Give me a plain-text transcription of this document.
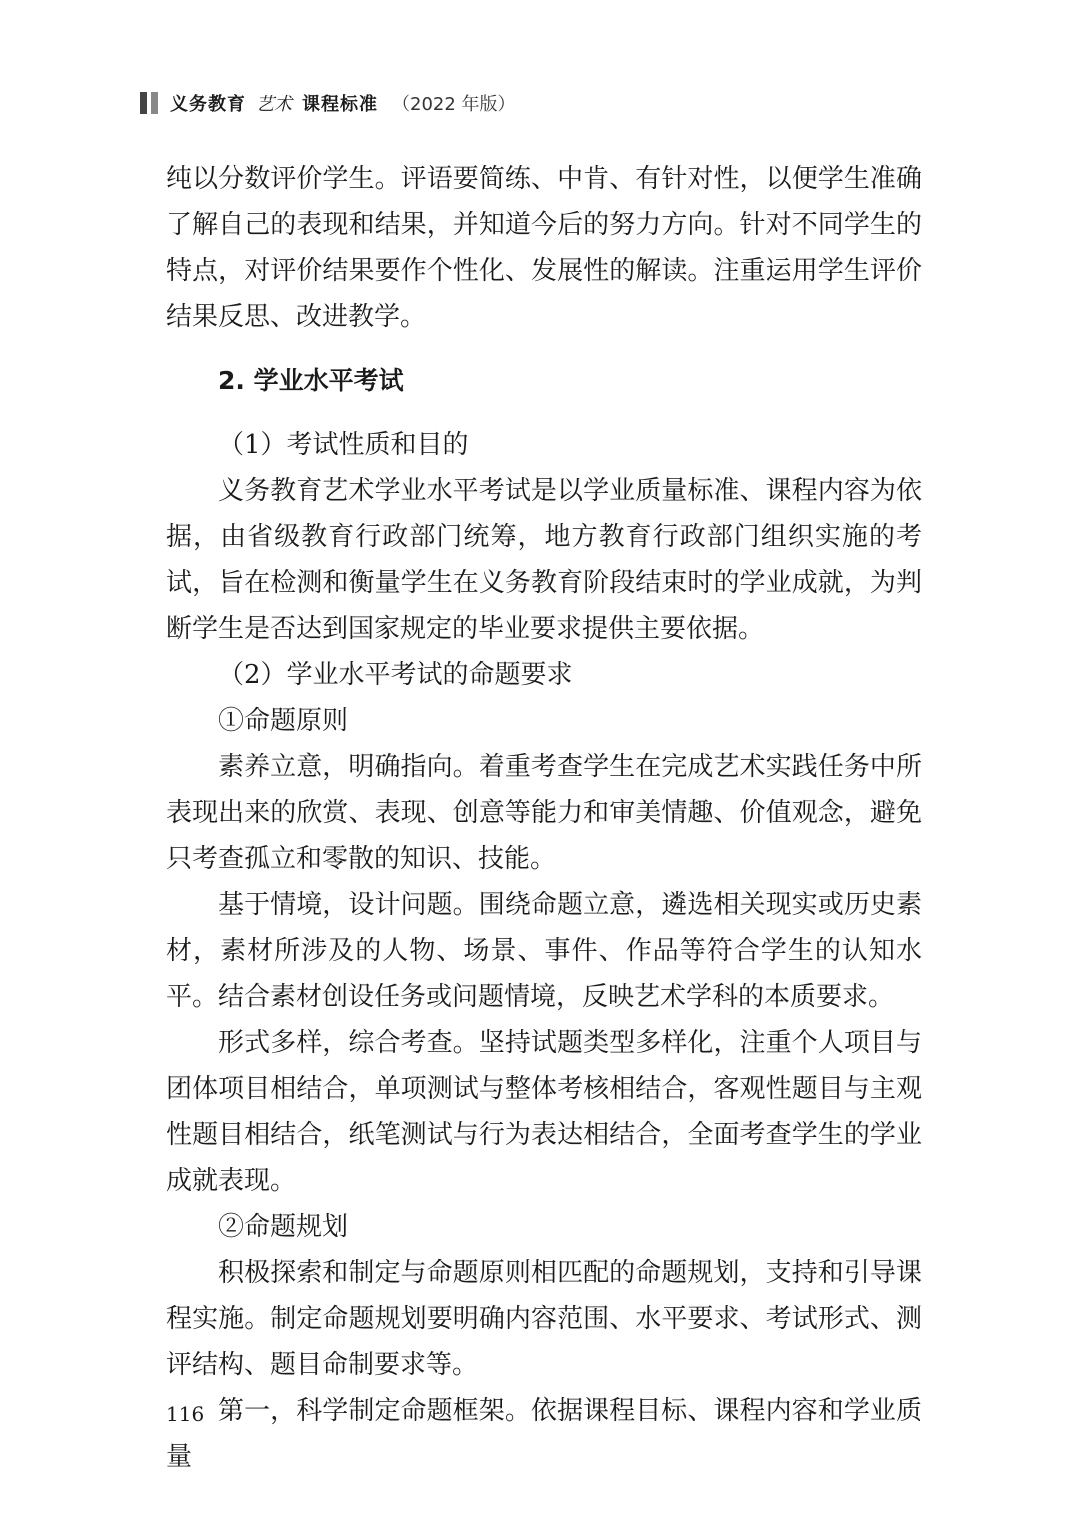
义务教育 艺术 课程标准 （2022 年版）

纯以分数评价学生。评语要简练、中肯、有针对性，以便学生准确了解自己的表现和结果，并知道今后的努力方向。针对不同学生的特点，对评价结果要作个性化、发展性的解读。注重运用学生评价结果反思、改进教学。

2. 学业水平考试

（1）考试性质和目的

义务教育艺术学业水平考试是以学业质量标准、课程内容为依据，由省级教育行政部门统筹，地方教育行政部门组织实施的考试，旨在检测和衡量学生在义务教育阶段结束时的学业成就，为判断学生是否达到国家规定的毕业要求提供主要依据。

（2）学业水平考试的命题要求

①命题原则

素养立意，明确指向。着重考查学生在完成艺术实践任务中所表现出来的欣赏、表现、创意等能力和审美情趣、价值观念，避免只考查孤立和零散的知识、技能。

基于情境，设计问题。围绕命题立意，遴选相关现实或历史素材，素材所涉及的人物、场景、事件、作品等符合学生的认知水平。结合素材创设任务或问题情境，反映艺术学科的本质要求。

形式多样，综合考查。坚持试题类型多样化，注重个人项目与团体项目相结合，单项测试与整体考核相结合，客观性题目与主观性题目相结合，纸笔测试与行为表达相结合，全面考查学生的学业成就表现。

②命题规划

积极探索和制定与命题原则相匹配的命题规划，支持和引导课程实施。制定命题规划要明确内容范围、水平要求、考试形式、测评结构、题目命制要求等。

第一，科学制定命题框架。依据课程目标、课程内容和学业质量

116
